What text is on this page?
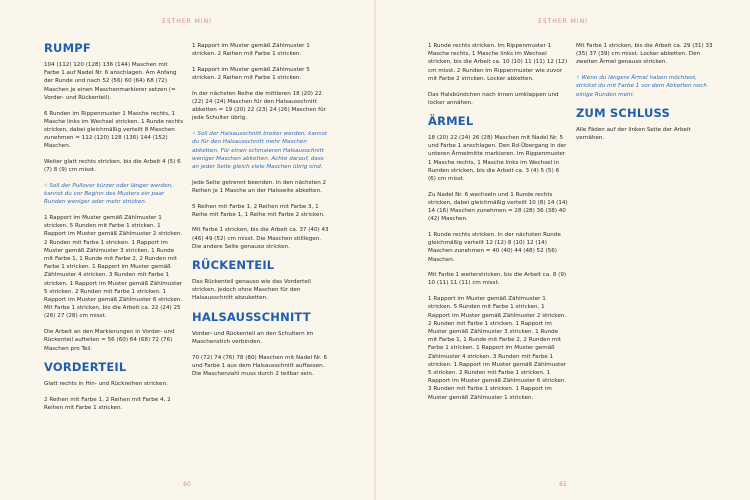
ESTHER MINI
RUMPF

104 (112) 120 (128) 136 (144) Maschen mit Farbe 1 auf Nadel Nr. 6 anschlagen. Am Anfang der Runde und nach 52 (56) 60 (64) 68 (72) Maschen je einen Maschenmarkierer setzen (= Vorder- und Rückenteil).

6 Runden im Rippenmuster 1 Masche rechts, 1 Masche links im Wechsel stricken. 1 Runde rechts stricken, dabei gleichmäßig verteilt 8 Maschen zunehmen = 112 (120) 128 (136) 144 (152) Maschen.

Weiter glatt rechts stricken, bis die Arbeit 4 (5) 6 (7) 8 (9) cm misst.

☝ Soll der Pullover kürzer oder länger werden, kannst du vor Beginn des Musters ein paar Runden weniger oder mehr stricken.

1 Rapport im Muster gemäß Zählmuster 1 stricken. 5 Runden mit Farbe 1 stricken. 1 Rapport im Muster gemäß Zählmuster 2 stricken. 2 Runden mit Farbe 1 stricken. 1 Rapport im Muster gemäß Zählmuster 3 stricken. 1 Runde mit Farbe 1, 1 Runde mit Farbe 2, 2 Runden mit Farbe 1 stricken. 1 Rapport im Muster gemäß Zählmuster 4 stricken. 3 Runden mit Farbe 1 stricken. 1 Rapport im Muster gemäß Zählmuster 5 stricken. 2 Runden mit Farbe 1 stricken. 1 Rapport im Muster gemäß Zählmuster 6 stricken. Mit Farbe 1 stricken, bis die Arbeit ca. 22 (24) 25 (26) 27 (28) cm misst.

Die Arbeit an den Markierungen in Vorder- und Rückenteil aufteilen = 56 (60) 64 (68) 72 (76) Maschen pro Teil.

VORDERTEIL

Glatt rechts in Hin- und Rückreihen stricken.

2 Reihen mit Farbe 1, 2 Reihen mit Farbe 4, 2 Reihen mit Farbe 1 stricken.

1 Rapport im Muster gemäß Zählmuster 1 stricken. 2 Reihen mit Farbe 1 stricken.

1 Rapport im Muster gemäß Zählmuster 5 stricken. 2 Reihen mit Farbe 1 stricken.

In der nächsten Reihe die mittleren 18 (20) 22 (22) 24 (24) Maschen für den Halsausschnitt abketten = 19 (20) 22 (23) 24 (26) Maschen für jede Schulter übrig.

☝ Soll der Halsausschnitt breiter werden, kannst du für den Halsausschnitt mehr Maschen abketten. Für einen schmaleren Halsausschnitt weniger Maschen abketten. Achte darauf, dass an jeder Seite gleich viele Maschen übrig sind.

Jede Seite getrennt beenden. In den nächsten 2 Reihen je 1 Masche an der Halsseite abketten.

5 Reihen mit Farbe 1, 2 Reihen mit Farbe 3, 1 Reihe mit Farbe 1, 1 Reihe mit Farbe 2 stricken.

Mit Farbe 1 stricken, bis die Arbeit ca. 37 (40) 43 (46) 49 (52) cm misst. Die Maschen stilllegen. Die andere Seite genauso stricken.

RÜCKENTEIL

Das Rückenteil genauso wie das Vorderteil stricken, jedoch ohne Maschen für den Halsausschnitt abzuketten.

HALSAUSSCHNITT

Vorder- und Rückenteil an den Schultern im Maschenstich verbinden.

70 (72) 74 (76) 78 (80) Maschen mit Nadel Nr. 6 und Farbe 1 aus dem Halsausschnitt auffassen. Die Maschenzahl muss durch 2 teilbar sein.

60
ESTHER MINI

1 Runde rechts stricken. Im Rippenmuster 1 Masche rechts, 1 Masche links im Wechsel stricken, bis die Arbeit ca. 10 (10) 11 (11) 12 (12) cm misst. 2 Runden im Rippenmuster wie zuvor mit Farbe 2 stricken. Locker abketten.

Das Halsbündchen nach innen umklappen und locker annähen.

ÄRMEL

18 (20) 22 (24) 26 (28) Maschen mit Nadel Nr. 5 und Farbe 1 anschlagen. Den Rd-Übergang in der unteren Ärmelmitte markieren. Im Rippenmuster 1 Masche rechts, 1 Masche links im Wechsel in Runden stricken, bis die Arbeit ca. 3 (4) 5 (5) 6 (6) cm misst.

Zu Nadel Nr. 6 wechseln und 1 Runde rechts stricken, dabei gleichmäßig verteilt 10 (8) 14 (14) 14 (16) Maschen zunehmen = 28 (28) 36 (38) 40 (42) Maschen.

1 Runde rechts stricken. In der nächsten Runde gleichmäßig verteilt 12 (12) 8 (10) 12 (14) Maschen zunehmen = 40 (40) 44 (48) 52 (56) Maschen.

Mit Farbe 1 weiterstricken, bis die Arbeit ca. 8 (9) 10 (11) 11 (11) cm misst.

1 Rapport im Muster gemäß Zählmuster 1 stricken. 5 Runden mit Farbe 1 stricken. 1 Rapport im Muster gemäß Zählmuster 2 stricken. 2 Runden mit Farbe 1 stricken. 1 Rapport im Muster gemäß Zählmuster 3 stricken. 1 Runde mit Farbe 1, 1 Runde mit Farbe 2, 2 Runden mit Farbe 1 stricken. 1 Rapport im Muster gemäß Zählmuster 4 stricken. 3 Runden mit Farbe 1 stricken. 1 Rapport im Muster gemäß Zählmuster 5 stricken. 2 Runden mit Farbe 1 stricken. 1 Rapport im Muster gemäß Zählmuster 6 stricken. 3 Runden mit Farbe 1 stricken. 1 Rapport im Muster gemäß Zählmuster 1 stricken.

Mit Farbe 1 stricken, bis die Arbeit ca. 29 (31) 33 (35) 37 (39) cm misst. Locker abketten. Den zweiten Ärmel genauso stricken.

☝ Wenn du längere Ärmel haben möchtest, strickst du mit Farbe 1 vor dem Abketten noch einige Runden mehr.

ZUM SCHLUSS

Alle Fäden auf der linken Seite der Arbeit vernähen.

61
